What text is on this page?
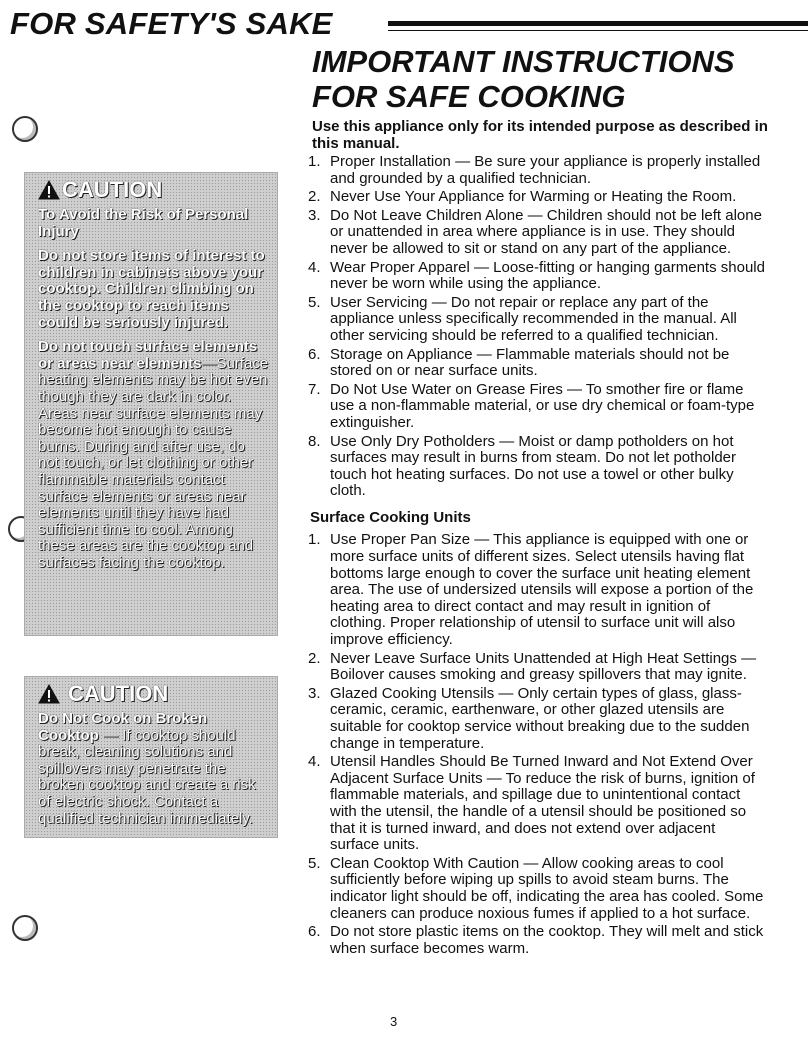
FOR SAFETY'S SAKE
IMPORTANT INSTRUCTIONS
FOR SAFE COOKING
Use this appliance only for its intended purpose as described in this manual.
CAUTION

To Avoid the Risk of Personal Injury

Do not store items of interest to children in cabinets above your cooktop. Children climbing on the cooktop to reach items could be seriously injured.

Do not touch surface elements or areas near elements—Surface heating elements may be hot even though they are dark in color. Areas near surface elements may become hot enough to cause burns. During and after use, do not touch, or let clothing or other flammable materials contact surface elements or areas near elements until they have had sufficient time to cool. Among these areas are the cooktop and surfaces facing the cooktop.

CAUTION

Do Not Cook on Broken Cooktop — If cooktop should break, cleaning solutions and spillovers may penetrate the broken cooktop and create a risk of electric shock. Contact a qualified technician immediately.

1. Proper Installation — Be sure your appliance is properly installed and grounded by a qualified technician.
2. Never Use Your Appliance for Warming or Heating the Room.
3. Do Not Leave Children Alone — Children should not be left alone or unattended in area where appliance is in use. They should never be allowed to sit or stand on any part of the appliance.
4. Wear Proper Apparel — Loose-fitting or hanging garments should never be worn while using the appliance.
5. User Servicing — Do not repair or replace any part of the appliance unless specifically recommended in the manual. All other servicing should be referred to a qualified technician.
6. Storage on Appliance — Flammable materials should not be stored on or near surface units.
7. Do Not Use Water on Grease Fires — To smother fire or flame use a non-flammable material, or use dry chemical or foam-type extinguisher.
8. Use Only Dry Potholders — Moist or damp potholders on hot surfaces may result in burns from steam. Do not let potholder touch hot heating surfaces. Do not use a towel or other bulky cloth.
Surface Cooking Units
1. Use Proper Pan Size — This appliance is equipped with one or more surface units of different sizes. Select utensils having flat bottoms large enough to cover the surface unit heating element area. The use of undersized utensils will expose a portion of the heating area to direct contact and may result in ignition of clothing. Proper relationship of utensil to surface unit will also improve efficiency.
2. Never Leave Surface Units Unattended at High Heat Settings — Boilover causes smoking and greasy spillovers that may ignite.
3. Glazed Cooking Utensils — Only certain types of glass, glass-ceramic, ceramic, earthenware, or other glazed utensils are suitable for cooktop service without breaking due to the sudden change in temperature.
4. Utensil Handles Should Be Turned Inward and Not Extend Over Adjacent Surface Units — To reduce the risk of burns, ignition of flammable materials, and spillage due to unintentional contact with the utensil, the handle of a utensil should be positioned so that it is turned inward, and does not extend over adjacent surface units.
5. Clean Cooktop With Caution — Allow cooking areas to cool sufficiently before wiping up spills to avoid steam burns. The indicator light should be off, indicating the area has cooled. Some cleaners can produce noxious fumes if applied to a hot surface.
6. Do not store plastic items on the cooktop. They will melt and stick when surface becomes warm.
3
